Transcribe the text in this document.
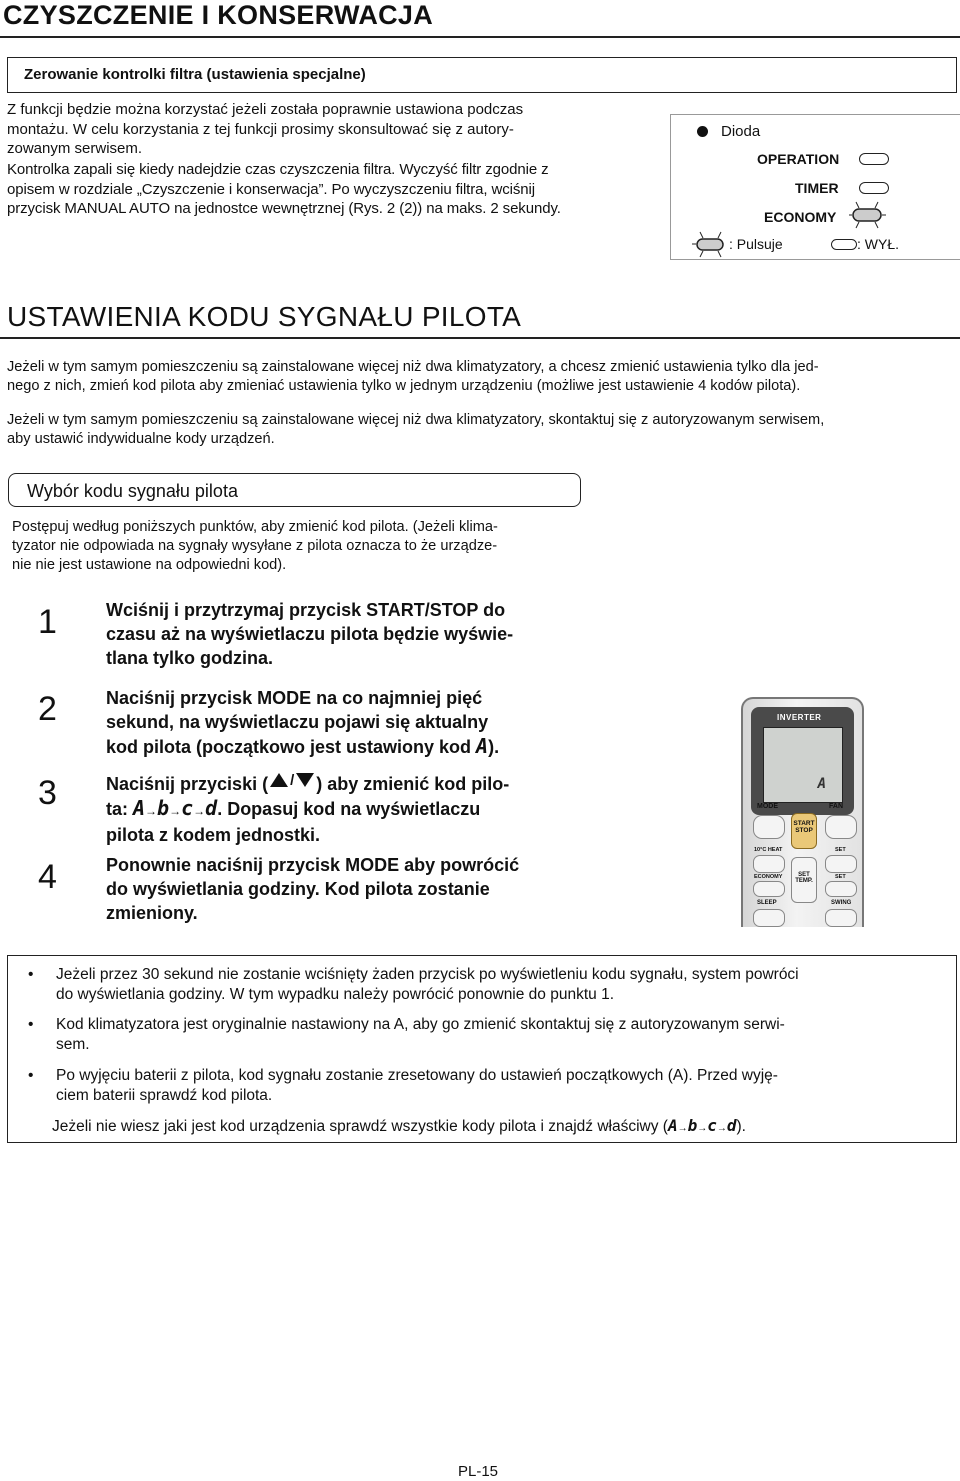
CZYSZCZENIE I KONSERWACJA
Zerowanie kontrolki filtra (ustawienia specjalne)
Z funkcji będzie można korzystać jeżeli została poprawnie ustawiona podczas
montażu. W celu korzystania z tej funkcji prosimy skonsultować się z autory-
zowanym serwisem.
Kontrolka zapali się kiedy nadejdzie czas czyszczenia filtra. Wyczyść filtr zgodnie z
opisem w rozdziale „Czyszczenie i konserwacja”. Po wyczyszczeniu filtra, wciśnij
przycisk MANUAL AUTO na jednostce wewnętrznej (Rys. 2 (2)) na maks. 2 sekundy.
Dioda
OPERATION
TIMER
ECONOMY
: Pulsuje	: WYŁ.
USTAWIENIA KODU SYGNAŁU PILOTA
Jeżeli w tym samym pomieszczeniu są zainstalowane więcej niż dwa klimatyzatory, a chcesz zmienić ustawienia tylko dla jed-
nego z nich, zmień kod pilota aby zmieniać ustawienia tylko w jednym urządzeniu (możliwe jest ustawienie 4 kodów pilota).
Jeżeli w tym samym pomieszczeniu są zainstalowane więcej niż dwa klimatyzatory, skontaktuj się z autoryzowanym serwisem,
aby ustawić indywidualne kody urządzeń.
Wybór kodu sygnału pilota
Postępuj według poniższych punktów, aby zmienić kod pilota. (Jeżeli klima-
tyzator nie odpowiada na sygnały wysyłane z pilota oznacza to że urządze-
nie nie jest ustawione na odpowiedni kod).
1	Wciśnij i przytrzymaj przycisk START/STOP do
czasu aż na wyświetlaczu pilota będzie wyświe-
tlana tylko godzina.
2	Naciśnij przycisk MODE na co najmniej pięć
sekund, na wyświetlaczu pojawi się aktualny
kod pilota (początkowo jest ustawiony kod A).
3	Naciśnij przyciski ( / ) aby zmienić kod pilo-
ta: A→b→c→d. Dopasuj kod na wyświetlaczu
pilota z kodem jednostki.
4	Ponownie naciśnij przycisk MODE aby powrócić
do wyświetlania godziny. Kod pilota zostanie
zmieniony.
INVERTER
A
MODE	FAN
START
STOP
10°C HEAT	SET
ECONOMY	SET
TEMP.
SET
SLEEP	SWING
• Jeżeli przez 30 sekund nie zostanie wciśnięty żaden przycisk po wyświetleniu kodu sygnału, system powróci
do wyświetlania godziny. W tym wypadku należy powrócić ponownie do punktu 1.
• Kod klimatyzatora jest oryginalnie nastawiony na A, aby go zmienić skontaktuj się z autoryzowanym serwi-
sem.
• Po wyjęciu baterii z pilota, kod sygnału zostanie zresetowany do ustawień początkowych (A). Przed wyję-
ciem baterii sprawdź kod pilota.
Jeżeli nie wiesz jaki jest kod urządzenia sprawdź wszystkie kody pilota i znajdź właściwy (A→b→c→d).
PL-15
